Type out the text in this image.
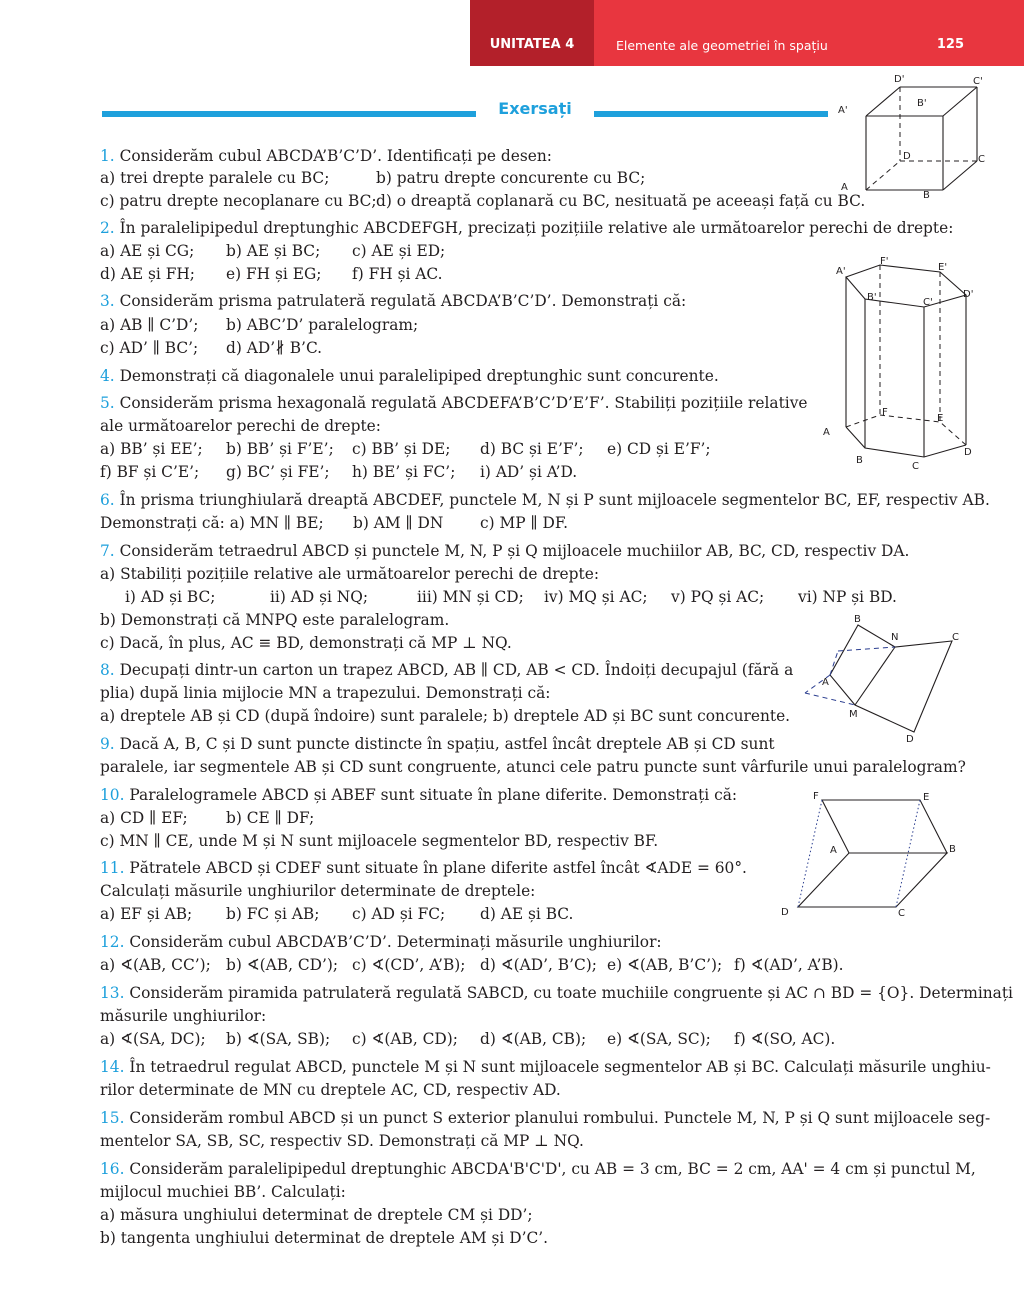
UNITATEA 4	Elemente ale geometriei în spațiu	125
Exersați
1. Considerăm cubul ABCDA’B’C’D’. Identificați pe desen:
a) trei drepte paralele cu BC;	b) patru drepte concurente cu BC;
c) patru drepte necoplanare cu BC; d) o dreaptă coplanară cu BC, nesituată pe aceeași față cu BC.
2. În paralelipipedul dreptunghic ABCDEFGH, precizați pozițiile relative ale următoarelor perechi de drepte:
a) AE și CG; b) AE și BC; c) AE și ED;
d) AE și FH; e) FH și EG; f) FH și AC.
3. Considerăm prisma patrulateră regulată ABCDA’B’C’D’. Demonstrați că:
a) AB ∥ C’D’; b) ABC’D’ paralelogram;
c) AD’ ∥ BC’; d) AD’∦ B’C.
4. Demonstrați că diagonalele unui paralelipiped dreptunghic sunt concurente.
5. Considerăm prisma hexagonală regulată ABCDEFA’B’C’D’E’F’. Stabiliți pozițiile relative
ale următoarelor perechi de drepte:
a) BB’ și EE’; b) BB’ și F’E’; c) BB’ și DE; d) BC și E’F’; e) CD și E’F’;
f) BF și C’E’; g) BC’ și FE’; h) BE’ și FC’; i) AD’ și A’D.
6. În prisma triunghiulară dreaptă ABCDEF, punctele M, N și P sunt mijloacele segmentelor BC, EF, respectiv AB.
Demonstrați că: a) MN ∥ BE; b) AM ∥ DN c) MP ∥ DF.
7. Considerăm tetraedrul ABCD și punctele M, N, P și Q mijloacele muchiilor AB, BC, CD, respectiv DA.
a) Stabiliți pozițiile relative ale următoarelor perechi de drepte:
i) AD și BC;	ii) AD și NQ;	iii) MN și CD; iv) MQ și AC; v) PQ și AC; vi) NP și BD.
b) Demonstrați că MNPQ este paralelogram.
c) Dacă, în plus, AC ≡ BD, demonstrați că MP ⊥ NQ.
8. Decupați dintr-un carton un trapez ABCD, AB ∥ CD, AB < CD. Îndoiți decupajul (fără a
plia) după linia mijlocie MN a trapezului. Demonstrați că:
a) dreptele AB și CD (după îndoire) sunt paralele; b) dreptele AD și BC sunt concurente.
9. Dacă A, B, C și D sunt puncte distincte în spațiu, astfel încât dreptele AB și CD sunt
paralele, iar segmentele AB și CD sunt congruente, atunci cele patru puncte sunt vârfurile unui paralelogram?
10. Paralelogramele ABCD și ABEF sunt situate în plane diferite. Demonstrați că:
a) CD ∥ EF; b) CE ∥ DF;
c) MN ∥ CE, unde M și N sunt mijloacele segmentelor BD, respectiv BF.
11. Pătratele ABCD și CDEF sunt situate în plane diferite astfel încât ∢ADE = 60°.
Calculați măsurile unghiurilor determinate de dreptele:
a) EF și AB; b) FC și AB; c) AD și FC; d) AE și BC.
12. Considerăm cubul ABCDA’B’C’D’. Determinați măsurile unghiurilor:
a) ∢(AB, CC’); b) ∢(AB, CD’); c) ∢(CD’, A’B); d) ∢(AD’, B’C); e) ∢(AB, B’C’); f) ∢(AD’, A’B).
13. Considerăm piramida patrulateră regulată SABCD, cu toate muchiile congruente și AC ∩ BD = {O}. Determinați
măsurile unghiurilor:
a) ∢(SA, DC); b) ∢(SA, SB); c) ∢(AB, CD); d) ∢(AB, CB); e) ∢(SA, SC); f) ∢(SO, AC).
14. În tetraedrul regulat ABCD, punctele M și N sunt mijloacele segmentelor AB și BC. Calculați măsurile unghiu-
rilor determinate de MN cu dreptele AC, CD, respectiv AD.
15. Considerăm rombul ABCD și un punct S exterior planului rombului. Punctele M, N, P și Q sunt mijloacele seg-
mentelor SA, SB, SC, respectiv SD. Demonstrați că MP ⊥ NQ.
16. Considerăm paralelipipedul dreptunghic ABCDA'B'C'D', cu AB = 3 cm, BC = 2 cm, AA' = 4 cm și punctul M,
mijlocul muchiei BB’. Calculați:
a) măsura unghiului determinat de dreptele CM și DD’;
b) tangenta unghiului determinat de dreptele AM și D’C’.
D'	C'
A'
B'
D	C
A
B
A'
F'
E'
B'	C'
D'
F
E
A
D
B
C
B
N	C
A
M
D
F	E
A	B
D	C
